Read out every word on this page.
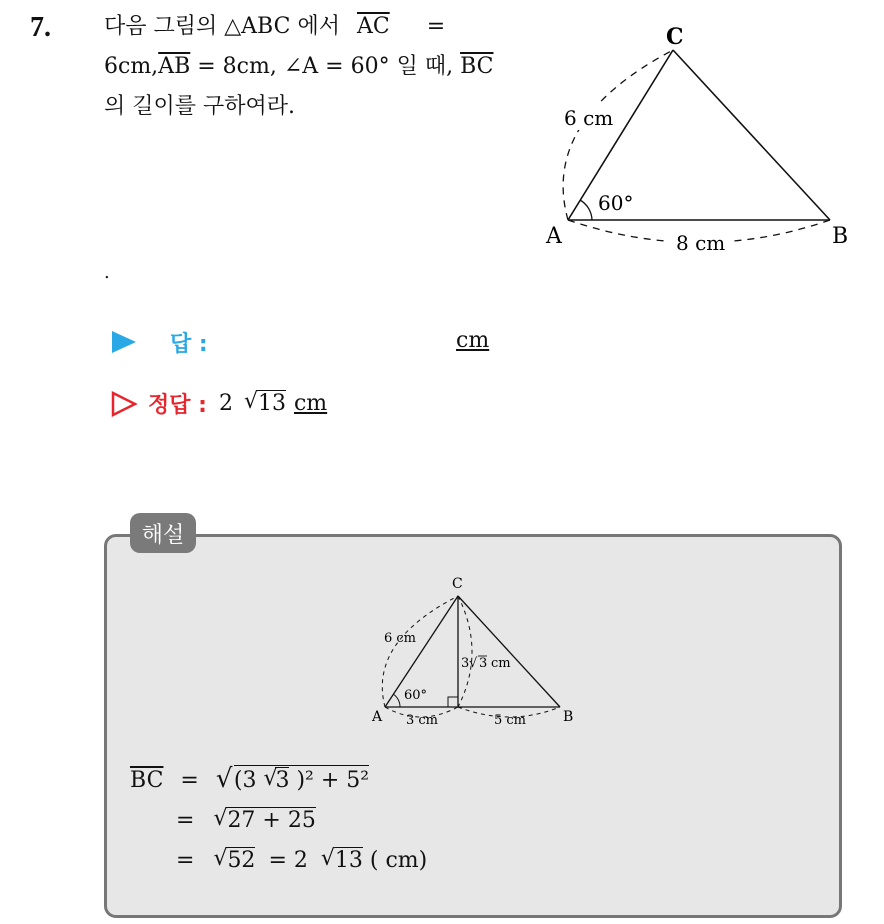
7. 다음 그림의 △ABC 에서 $\overline{AC}$ =
$6cm,\overline{AB} = 8cm$, ∠A = 60° 일 때, $\overline{BC}$
의 길이를 구하여라.	6 cm
60°
8 cm
A	B
C
.
답 :	cm
정답 : 2 √ 13 cm
해설
6 cm
60°
3 √ 3 cm
3 cm	5 cm
A	B
C
$\overline{BC}$ = √ (3 √
3 )² + 5²
= √ 27 + 25
= √ 52 = 2 √ 13 ( cm)
